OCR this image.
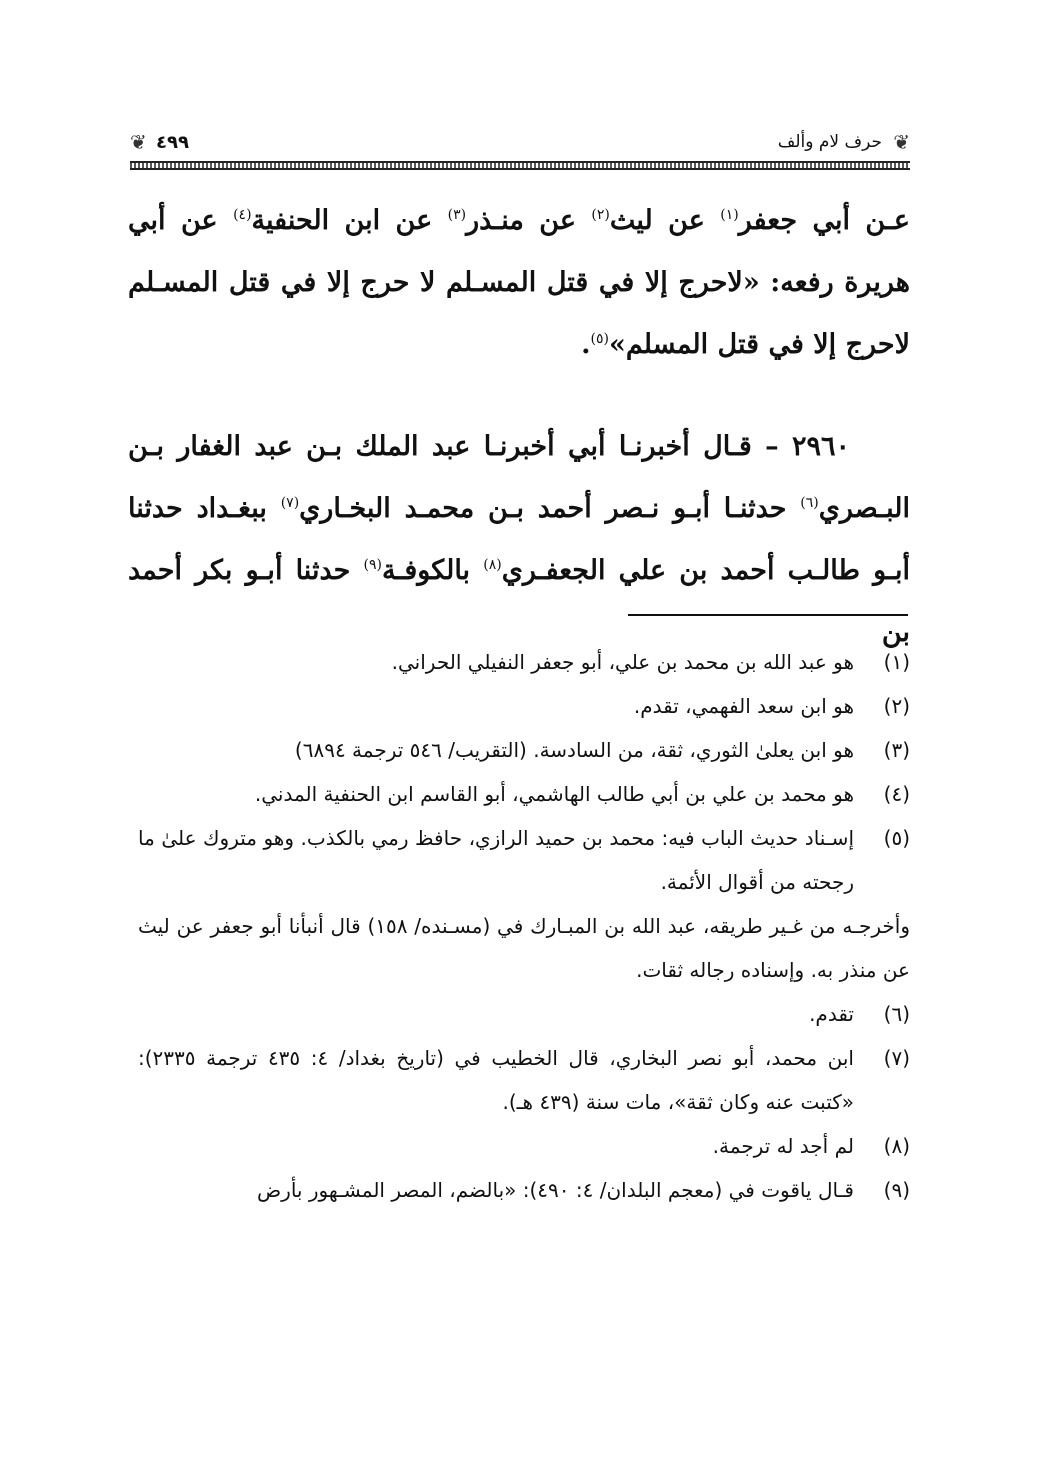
❦
حرف لام وألف
٤٩٩
❦

عـن أبي جعفر$^{(١)}$ عن ليث$^{(٢)}$ عن منـذر$^{(٣)}$ عن ابن الحنفية$^{(٤)}$ عن أبي هريرة رفعه: «لاحرج إلا في قتل المسـلم لا حرج إلا في قتل المسـلم لاحرج إلا في قتل المسلم»$^{(٥)}$.

٢٩٦٠ – قـال أخبرنـا أبي أخبرنـا عبد الملك بـن عبد الغفار بـن البـصري$^{(٦)}$ حدثنـا أبـو نـصر أحمد بـن محمـد البخـاري$^{(٧)}$ ببغـداد حدثنا أبـو طالـب أحمد بن علي الجعفـري$^{(٨)}$ بالكوفـة$^{(٩)}$ حدثنا أبـو بكر أحمد بن

(١)
هو عبد الله بن محمد بن علي، أبو جعفر النفيلي الحراني.
(٢)
هو ابن سعد الفهمي، تقدم.
(٣)
هو ابن يعلىٰ الثوري، ثقة، من السادسة. (التقريب/ ٥٤٦ ترجمة ٦٨٩٤)
(٤)
هو محمد بن علي بن أبي طالب الهاشمي، أبو القاسم ابن الحنفية المدني.
(٥)
إسـناد حديث الباب فيه: محمد بن حميد الرازي، حافظ رمي بالكذب. وهو متروك علىٰ ما رجحته من أقوال الأئمة.
وأخرجـه من غـير طريقه، عبد الله بن المبـارك في (مسـنده/ ١٥٨) قال أنبأنا أبو جعفر عن ليث عن منذر به. وإسناده رجاله ثقات.
(٦)
تقدم.
(٧)
ابن محمد، أبو نصر البخاري، قال الخطيب في (تاريخ بغداد/ ٤: ٤٣٥ ترجمة ٢٣٣٥): «كتبت عنه وكان ثقة»، مات سنة (٤٣٩ هـ).
(٨)
لم أجد له ترجمة.
(٩)
قـال ياقوت في (معجم البلدان/ ٤: ٤٩٠): «بالضم، المصر المشـهور بأرض
